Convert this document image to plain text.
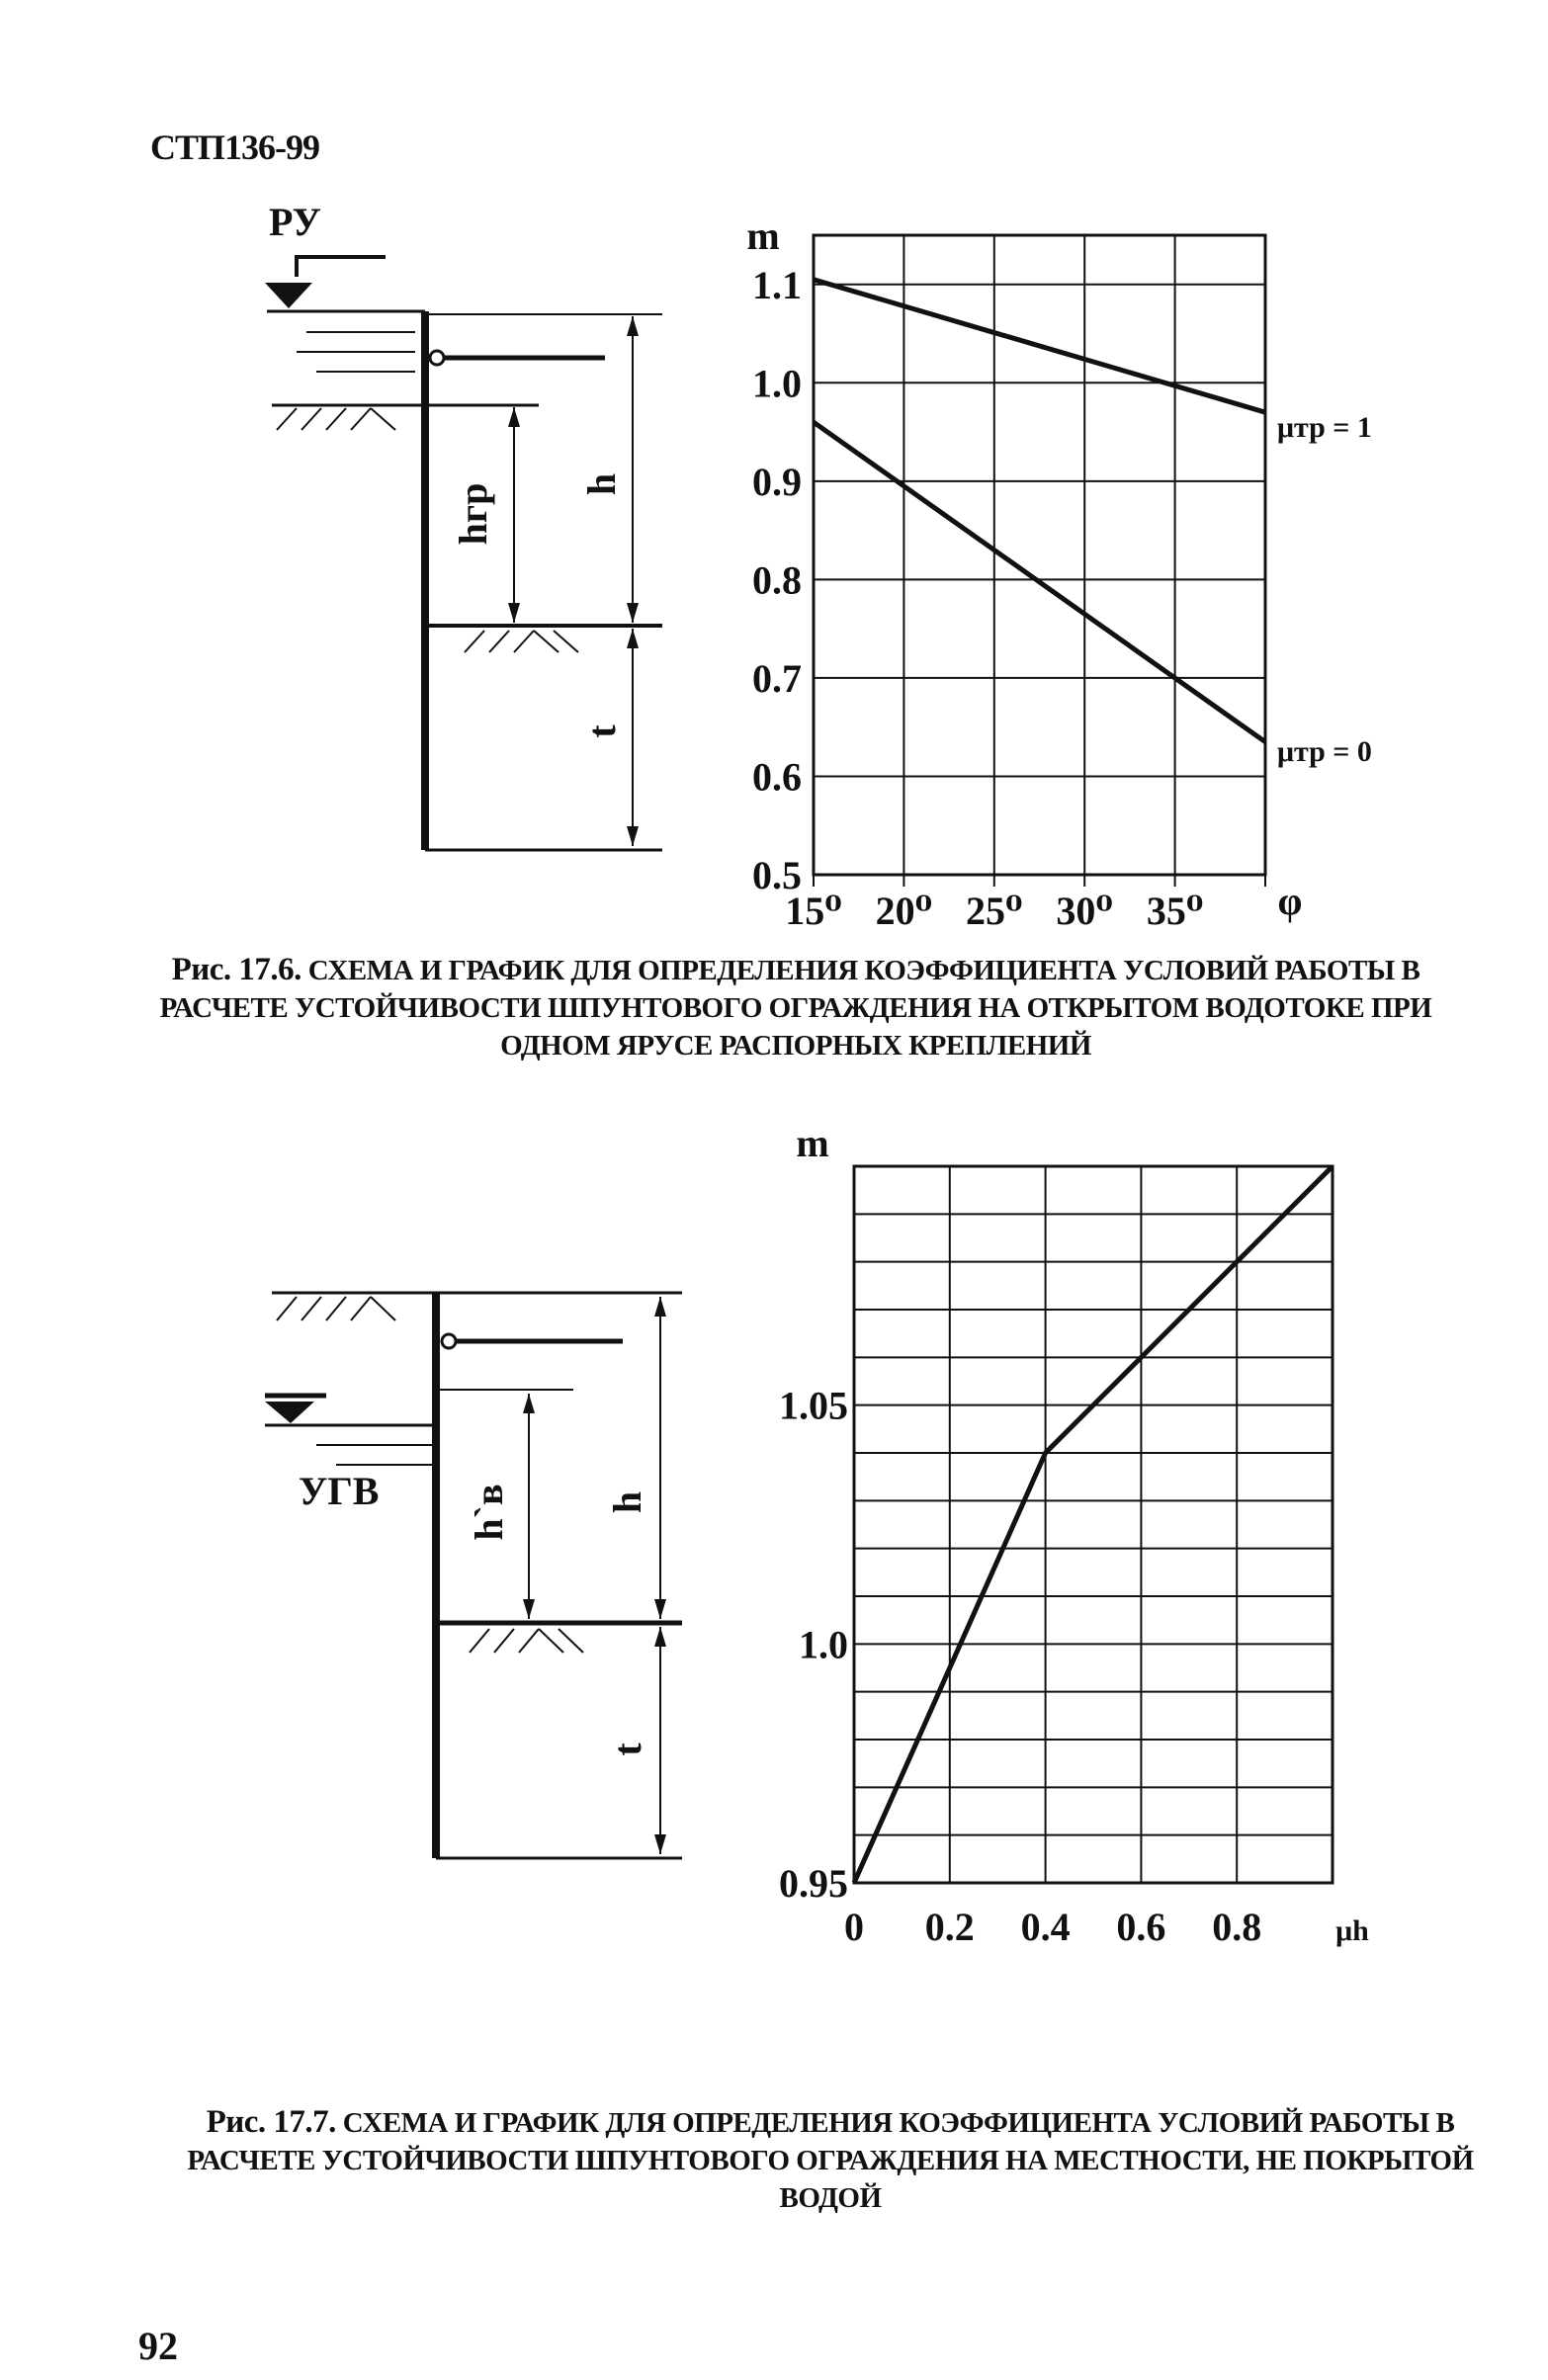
СТП136-99
РУ
hгр h
t
1.1
1.0
0.9
0.8
0.7
0.6
0.5
15⁰ 20⁰ 25⁰ 30⁰ 35⁰
m
φ
μтр = 1
μтр = 0
Рис. 17.6. СХЕМА И ГРАФИК ДЛЯ ОПРЕДЕЛЕНИЯ КОЭФФИЦИЕНТА УСЛОВИЙ РАБОТЫ В РАСЧЕТЕ УСТОЙЧИВОСТИ ШПУНТОВОГО ОГРАЖДЕНИЯ НА ОТКРЫТОМ ВОДОТОКЕ ПРИ ОДНОМ ЯРУСЕ РАСПОРНЫХ КРЕПЛЕНИЙ
УГВ h`в h
t
1.05
1.0
0.95
0 0.2 0.4 0.6 0.8
m
μh
Рис. 17.7. СХЕМА И ГРАФИК ДЛЯ ОПРЕДЕЛЕНИЯ КОЭФФИЦИЕНТА УСЛОВИЙ РАБОТЫ В РАСЧЕТЕ УСТОЙЧИВОСТИ ШПУНТОВОГО ОГРАЖДЕНИЯ НА МЕСТНОСТИ, НЕ ПОКРЫТОЙ ВОДОЙ
92
